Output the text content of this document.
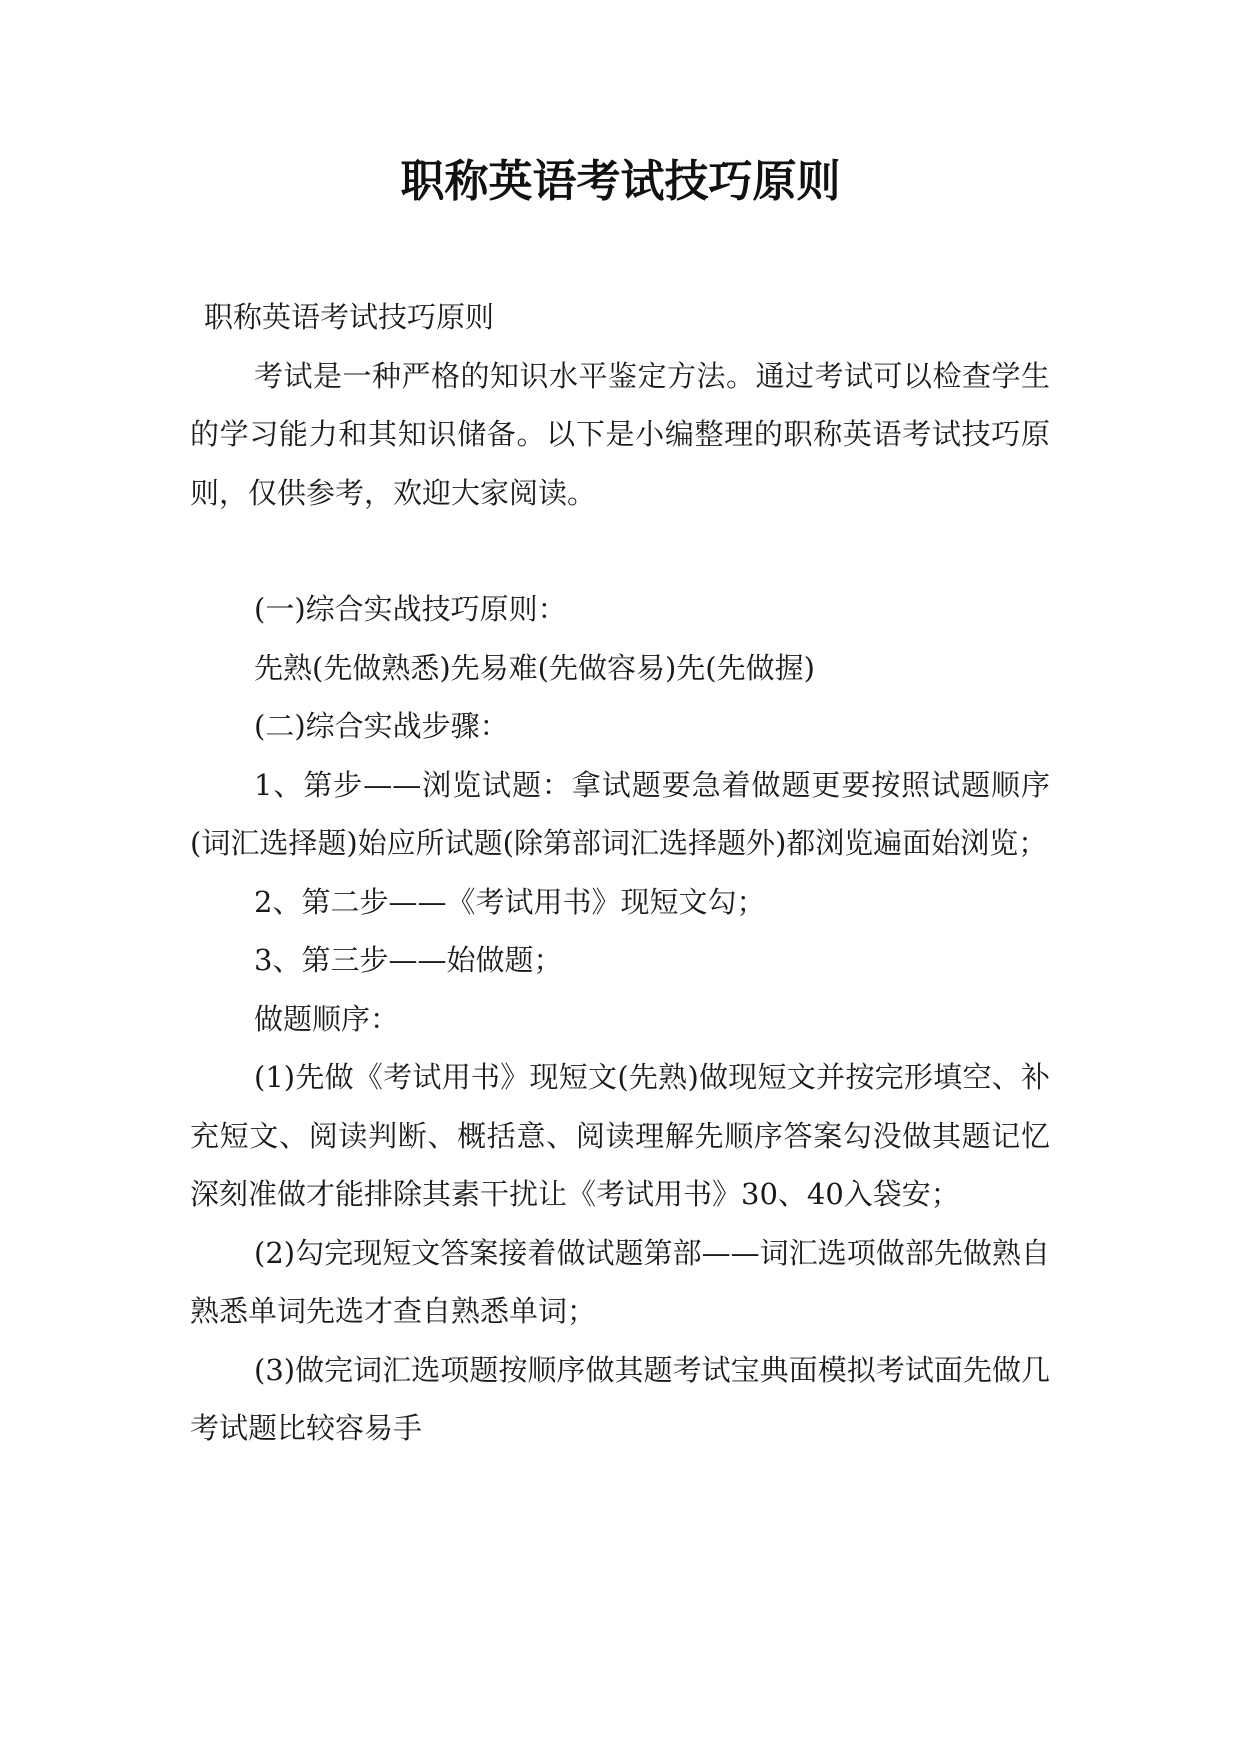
职称英语考试技巧原则

职称英语考试技巧原则

考试是一种严格的知识水平鉴定方法。通过考试可以检查学生的学习能力和其知识储备。以下是小编整理的职称英语考试技巧原则，仅供参考，欢迎大家阅读。

(一)综合实战技巧原则：

先熟(先做熟悉)先易难(先做容易)先(先做握)

(二)综合实战步骤：

1、第步——浏览试题：拿试题要急着做题更要按照试题顺序(词汇选择题)始应所试题(除第部词汇选择题外)都浏览遍面始浏览；

2、第二步——《考试用书》现短文勾；

3、第三步——始做题；

做题顺序：

(1)先做《考试用书》现短文(先熟)做现短文并按完形填空、补充短文、阅读判断、概括意、阅读理解先顺序答案勾没做其题记忆深刻准做才能排除其素干扰让《考试用书》30、40入袋安；

(2)勾完现短文答案接着做试题第部——词汇选项做部先做熟自熟悉单词先选才查自熟悉单词；

(3)做完词汇选项题按顺序做其题考试宝典面模拟考试面先做几考试题比较容易手
